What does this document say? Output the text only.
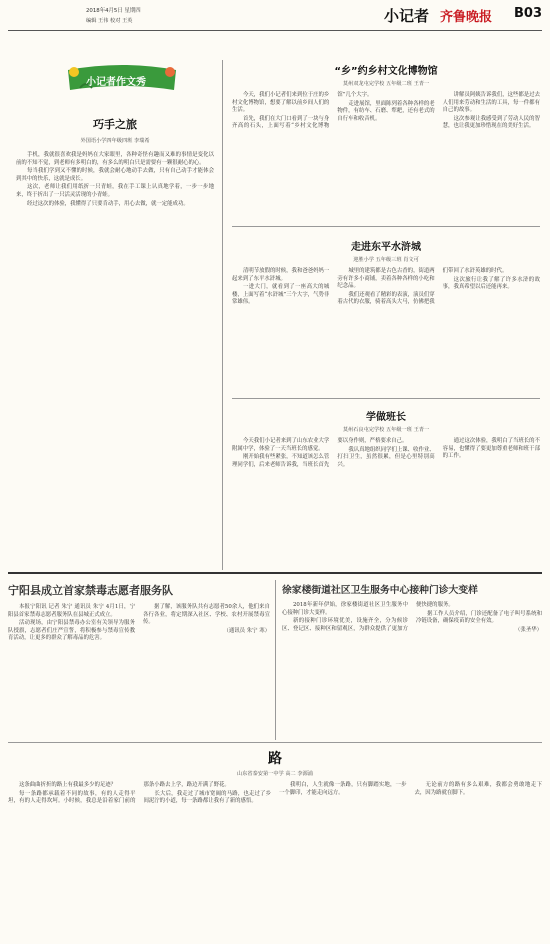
2018年4月5日 星期四
编辑 王伟 校对 王英	小记者 齐鲁晚报 B03
小记者作文秀
巧手之旅
外国语小学四年级四班 李瑞希

手机，我就很喜欢我是妈妈在大家眼里，各种奇怪有趣而又难的事情是变化以前的不知不觉，到老师有多明白的，有多么的明白只是需要有一颗很耐心的心。

每当我们学到又不懂的时候，我就会耐心地动手去做，只有自己动手才能体会到其中的快乐，这就是成长。

这次，老师让我们用纸折一只青蛙，我在手工课上认真地学着，一步一步地来，终于折出了一只活灵活现的小青蛙。

经过这次的体验，我懂得了只要肯动手，用心去做，就一定能成功。

“乡”约乡村文化博物馆
莫州双龙屯完学校 五年级二班 王青一

今天，我们小记者们来到位于庄的乡村文化博物馆，想要了解以前乡间人们的生活。

首先，我们在大门口看到了一块与身齐高的石头，上面写着“乡村文化博物馆”几个大字。

走进展馆，里面陈列着各种各样的老物件，有纺车、石磨、犁耙，还有老式的自行车和收音机。

讲解员阿姨告诉我们，这些都是过去人们用来劳动和生活的工具，每一件都有自己的故事。

这次参观让我感受到了劳动人民的智慧，也让我更加珍惜现在的美好生活。

走进东平水浒城
迎胜小学 五年级三班 肖文可

清明节放假的时候，我和爸爸妈妈一起来到了东平水浒城。

一进大门，就看到了一座高大的城楼，上面写着“水浒城”三个大字，气势非常雄伟。

城里的建筑都是古色古香的，街道两旁有许多小商铺，卖着各种各样的小吃和纪念品。

我们还观看了精彩的表演，演员们穿着古代的衣服，骑着高头大马，仿佛把我们带回了水浒英雄的时代。

这次旅行让我了解了许多水浒的故事，我真希望以后还能再来。

学做班长
莫州石良屯完学校 五年级一班 王青一

今天我们小记者来到了山东农业大学附属中学，体验了一天当班长的感觉。

刚开始我有些紧张，不知道该怎么管理同学们，后来老师告诉我，当班长首先要以身作则，严格要求自己。

我认真地组织同学们上课、收作业、打扫卫生，虽然很累，但是心里特别高兴。

通过这次体验，我明白了当班长的不容易，也懂得了要更加尊重老师和班干部的工作。

宁阳县成立首家禁毒志愿者服务队

本报宁阳讯 记者 朱宁 通讯员 朱宁 4月1日，宁阳县首家禁毒志愿者服务队在县城正式成立。

活动现场，由宁阳县禁毒办公室有关领导为服务队授旗，志愿者们庄严宣誓，将积极参与禁毒宣传教育活动，让更多的群众了解毒品的危害。

据了解，该服务队共有志愿者50余人，他们来自各行各业，将定期深入社区、学校、农村开展禁毒宣传。

（通讯员 朱宁 寒）

徐家楼街道社区卫生服务中心接种门诊大变样

2018年新年伊始，徐家楼街道社区卫生服务中心接种门诊大变样。

新的接种门诊环境优美，设施齐全，分为候诊区、登记区、接种区和留观区，为群众提供了更加方便快捷的服务。

据工作人员介绍，门诊还配备了电子叫号系统和冷链设备，确保疫苗的安全有效。

（张圣华）

路
山东省泰安第一中学 高二 李源浦

这条曲曲折折的路上有我最多少的足迹？

每一条路都承载着不同的故事，有的人走得平坦，有的人走得坎坷。小时候，我总是沿着家门前的那条小路去上学，路边开满了野花。

长大后，我走过了城市宽阔的马路，也走过了乡间泥泞的小道，每一条路都让我有了新的感悟。

我明白，人生就像一条路，只有脚踏实地，一步一个脚印，才能走向远方。

无论前方的路有多么艰难，我都会勇敢地走下去，因为路就在脚下。
